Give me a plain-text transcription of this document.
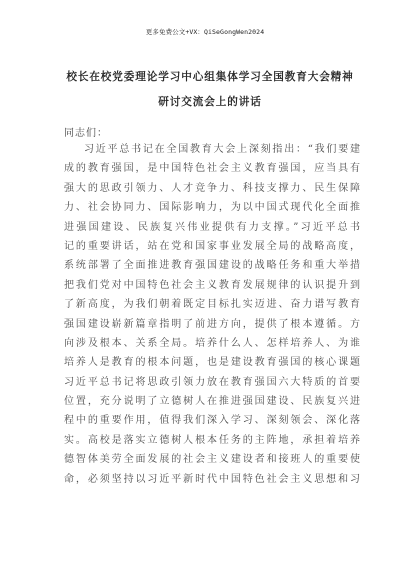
更多免费公文+VX：QiSeGongWen2024
校长在校党委理论学习中心组集体学习全国教育大会精神
研讨交流会上的讲话
同志们：
习近平总书记在全国教育大会上深刻指出：“我们要建
成的教育强国，是中国特色社会主义教育强国，应当具有
强大的思政引领力、人才竞争力、科技支撑力、民生保障
力、社会协同力、国际影响力，为以中国式现代化全面推
进强国建设、民族复兴伟业提供有力支撑。”习近平总书
记的重要讲话，站在党和国家事业发展全局的战略高度，
系统部署了全面推进教育强国建设的战略任务和重大举措
把我们党对中国特色社会主义教育发展规律的认识提升到
了新高度，为我们朝着既定目标扎实迈进、奋力谱写教育
强国建设崭新篇章指明了前进方向，提供了根本遵循。方
向涉及根本、关系全局。培养什么人、怎样培养人、为谁
培养人是教育的根本问题，也是建设教育强国的核心课题
习近平总书记将思政引领力放在教育强国六大特质的首要
位置，充分说明了立德树人在推进强国建设、民族复兴进
程中的重要作用，值得我们深入学习、深刻领会、深化落
实。高校是落实立德树人根本任务的主阵地，承担着培养
德智体美劳全面发展的社会主义建设者和接班人的重要使
命，必须坚持以习近平新时代中国特色社会主义思想和习
